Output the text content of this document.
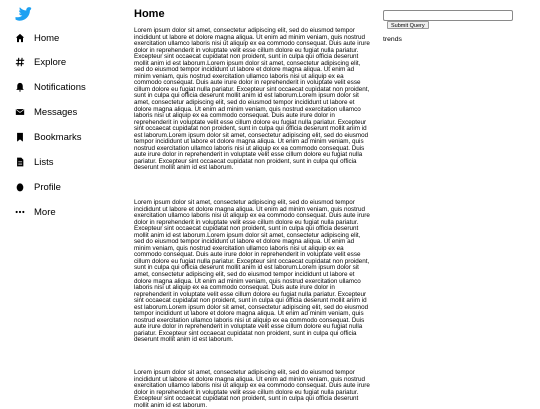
Home
Explore
Notifications
Messages
Bookmarks
Lists
Profile
More
Home

Lorem ipsum dolor sit amet, consectetur adipiscing elit, sed do eiusmod tempor incididunt ut labore et dolore magna aliqua. Ut enim ad minim veniam, quis nostrud exercitation ullamco laboris nisi ut aliquip ex ea commodo consequat. Duis aute irure dolor in reprehenderit in voluptate velit esse cillum dolore eu fugiat nulla pariatur. Excepteur sint occaecat cupidatat non proident, sunt in culpa qui officia deserunt mollit anim id est laborum.Lorem ipsum dolor sit amet, consectetur adipiscing elit, sed do eiusmod tempor incididunt ut labore et dolore magna aliqua. Ut enim ad minim veniam, quis nostrud exercitation ullamco laboris nisi ut aliquip ex ea commodo consequat. Duis aute irure dolor in reprehenderit in voluptate velit esse cillum dolore eu fugiat nulla pariatur. Excepteur sint occaecat cupidatat non proident, sunt in culpa qui officia deserunt mollit anim id est laborum.Lorem ipsum dolor sit amet, consectetur adipiscing elit, sed do eiusmod tempor incididunt ut labore et dolore magna aliqua. Ut enim ad minim veniam, quis nostrud exercitation ullamco laboris nisi ut aliquip ex ea commodo consequat. Duis aute irure dolor in reprehenderit in voluptate velit esse cillum dolore eu fugiat nulla pariatur. Excepteur sint occaecat cupidatat non proident, sunt in culpa qui officia deserunt mollit anim id est laborum.Lorem ipsum dolor sit amet, consectetur adipiscing elit, sed do eiusmod tempor incididunt ut labore et dolore magna aliqua. Ut enim ad minim veniam, quis nostrud exercitation ullamco laboris nisi ut aliquip ex ea commodo consequat. Duis aute irure dolor in reprehenderit in voluptate velit esse cillum dolore eu fugiat nulla pariatur. Excepteur sint occaecat cupidatat non proident, sunt in culpa qui officia deserunt mollit anim id est laborum.

Lorem ipsum dolor sit amet, consectetur adipiscing elit, sed do eiusmod tempor incididunt ut labore et dolore magna aliqua. Ut enim ad minim veniam, quis nostrud exercitation ullamco laboris nisi ut aliquip ex ea commodo consequat. Duis aute irure dolor in reprehenderit in voluptate velit esse cillum dolore eu fugiat nulla pariatur. Excepteur sint occaecat cupidatat non proident, sunt in culpa qui officia deserunt mollit anim id est laborum.Lorem ipsum dolor sit amet, consectetur adipiscing elit, sed do eiusmod tempor incididunt ut labore et dolore magna aliqua. Ut enim ad minim veniam, quis nostrud exercitation ullamco laboris nisi ut aliquip ex ea commodo consequat. Duis aute irure dolor in reprehenderit in voluptate velit esse cillum dolore eu fugiat nulla pariatur. Excepteur sint occaecat cupidatat non proident, sunt in culpa qui officia deserunt mollit anim id est laborum.Lorem ipsum dolor sit amet, consectetur adipiscing elit, sed do eiusmod tempor incididunt ut labore et dolore magna aliqua. Ut enim ad minim veniam, quis nostrud exercitation ullamco laboris nisi ut aliquip ex ea commodo consequat. Duis aute irure dolor in reprehenderit in voluptate velit esse cillum dolore eu fugiat nulla pariatur. Excepteur sint occaecat cupidatat non proident, sunt in culpa qui officia deserunt mollit anim id est laborum.Lorem ipsum dolor sit amet, consectetur adipiscing elit, sed do eiusmod tempor incididunt ut labore et dolore magna aliqua. Ut enim ad minim veniam, quis nostrud exercitation ullamco laboris nisi ut aliquip ex ea commodo consequat. Duis aute irure dolor in reprehenderit in voluptate velit esse cillum dolore eu fugiat nulla pariatur. Excepteur sint occaecat cupidatat non proident, sunt in culpa qui officia deserunt mollit anim id est laborum.

Lorem ipsum dolor sit amet, consectetur adipiscing elit, sed do eiusmod tempor incididunt ut labore et dolore magna aliqua. Ut enim ad minim veniam, quis nostrud exercitation ullamco laboris nisi ut aliquip ex ea commodo consequat. Duis aute irure dolor in reprehenderit in voluptate velit esse cillum dolore eu fugiat nulla pariatur. Excepteur sint occaecat cupidatat non proident, sunt in culpa qui officia deserunt mollit anim id est laborum.

Submit Query
trends
